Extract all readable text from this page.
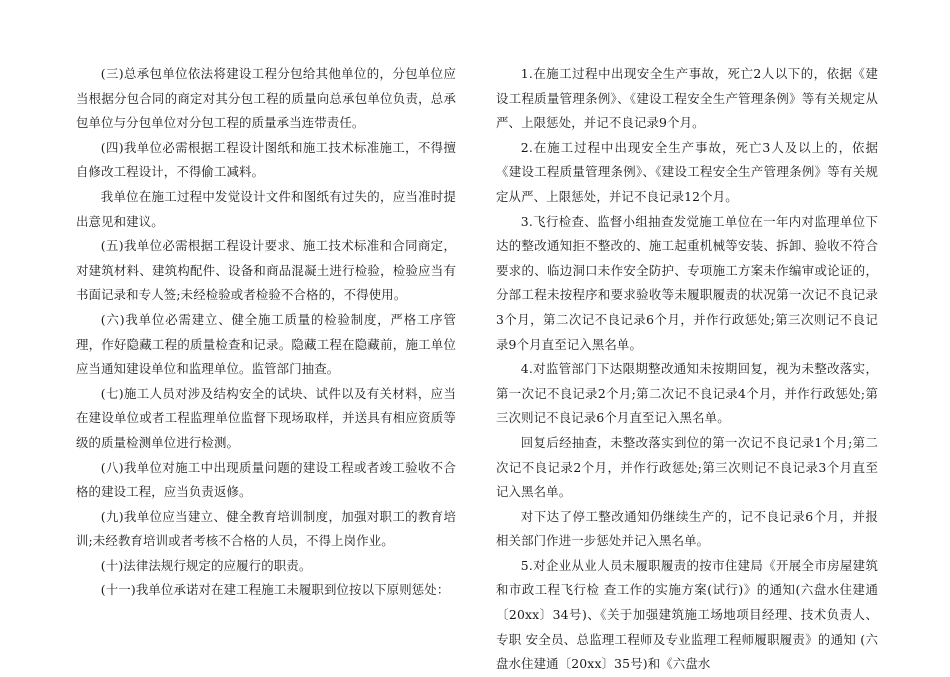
(三)总承包单位依法将建设工程分包给其他单位的，分包单位应当根据分包合同的商定对其分包工程的质量向总承包单位负责，总承包单位与分包单位对分包工程的质量承当连带责任。

(四)我单位必需根据工程设计图纸和施工技术标准施工，不得擅自修改工程设计，不得偷工减料。

我单位在施工过程中发觉设计文件和图纸有过失的，应当准时提出意见和建议。

(五)我单位必需根据工程设计要求、施工技术标准和合同商定，对建筑材料、建筑构配件、设备和商品混凝土进行检验，检验应当有书面记录和专人签;未经检验或者检验不合格的，不得使用。

(六)我单位必需建立、健全施工质量的检验制度，严格工序管理，作好隐藏工程的质量检查和记录。隐藏工程在隐藏前，施工单位应当通知建设单位和监理单位。监管部门抽查。

(七)施工人员对涉及结构安全的试块、试件以及有关材料，应当在建设单位或者工程监理单位监督下现场取样，并送具有相应资质等级的质量检测单位进行检测。

(八)我单位对施工中出现质量问题的建设工程或者竣工验收不合格的建设工程，应当负责返修。

(九)我单位应当建立、健全教育培训制度，加强对职工的教育培训;未经教育培训或者考核不合格的人员，不得上岗作业。

(十)法律法规行规定的应履行的职责。

(十一)我单位承诺对在建工程施工未履职到位按以下原则惩处：

1.在施工过程中出现安全生产事故，死亡2人以下的，依据《建设工程质量管理条例》、《建设工程安全生产管理条例》等有关规定从严、上限惩处，并记不良记录9个月。

2.在施工过程中出现安全生产事故，死亡3人及以上的，依据《建设工程质量管理条例》、《建设工程安全生产管理条例》等有关规定从严、上限惩处，并记不良记录12个月。

3.飞行检查、监督小组抽查发觉施工单位在一年内对监理单位下达的整改通知拒不整改的、施工起重机械等安装、拆卸、验收不符合要求的、临边洞口未作安全防护、专项施工方案未作编审或论证的，分部工程未按程序和要求验收等未履职履责的状况第一次记不良记录3个月，第二次记不良记录6个月，并作行政惩处;第三次则记不良记录9个月直至记入黑名单。

4.对监管部门下达限期整改通知未按期回复，视为未整改落实，第一次记不良记录2个月;第二次记不良记录4个月，并作行政惩处;第三次则记不良记录6个月直至记入黑名单。

回复后经抽查，未整改落实到位的第一次记不良记录1个月;第二次记不良记录2个月，并作行政惩处;第三次则记不良记录3个月直至记入黑名单。

对下达了停工整改通知仍继续生产的，记不良记录6个月，并报相关部门作进一步惩处并记入黑名单。

5.对企业从业人员未履职履责的按市住建局《开展全市房屋建筑和市政工程飞行检 查工作的实施方案(试行)》的通知(六盘水住建通〔20xx〕34号)、《关于加强建筑施工场地项目经理、技术负责人、专职 安全员、总监理工程师及专业监理工程师履职履责》的通知 (六盘水住建通〔20xx〕35号)和《六盘水
